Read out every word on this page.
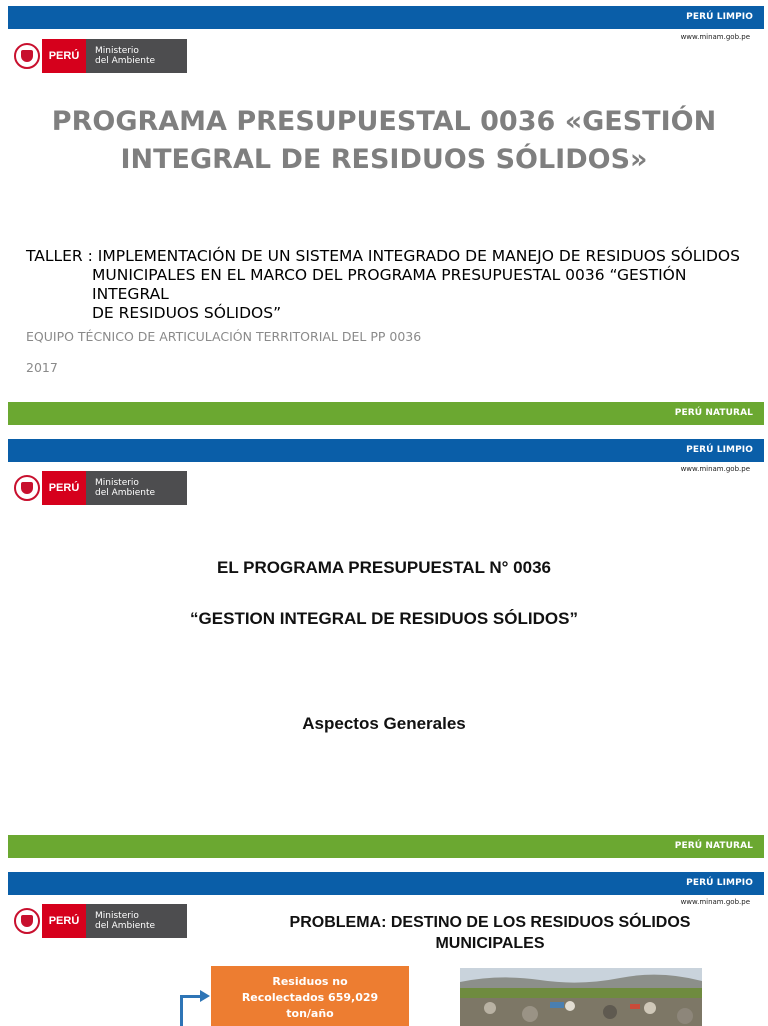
PERÚ LIMPIO
www.minam.gob.pe
PERÚ	Ministerio
del Ambiente
PROGRAMA PRESUPUESTAL 0036 «GESTIÓN
INTEGRAL DE RESIDUOS SÓLIDOS»
TALLER : IMPLEMENTACIÓN DE UN SISTEMA INTEGRADO DE MANEJO DE RESIDUOS SÓLIDOS
MUNICIPALES EN EL MARCO DEL PROGRAMA PRESUPUESTAL 0036 “GESTIÓN INTEGRAL
DE RESIDUOS SÓLIDOS”
EQUIPO TÉCNICO DE ARTICULACIÓN TERRITORIAL DEL PP 0036
2017
PERÚ NATURAL
PERÚ LIMPIO
www.minam.gob.pe
PERÚ	Ministerio
del Ambiente
EL PROGRAMA PRESUPUESTAL N° 0036
“GESTION INTEGRAL DE RESIDUOS SÓLIDOS”
Aspectos Generales
PERÚ NATURAL
PERÚ LIMPIO
www.minam.gob.pe
PERÚ	Ministerio
del Ambiente	PROBLEMA: DESTINO DE LOS RESIDUOS SÓLIDOS
MUNICIPALES
Residuos no
Recolectados 659,029
ton/año
